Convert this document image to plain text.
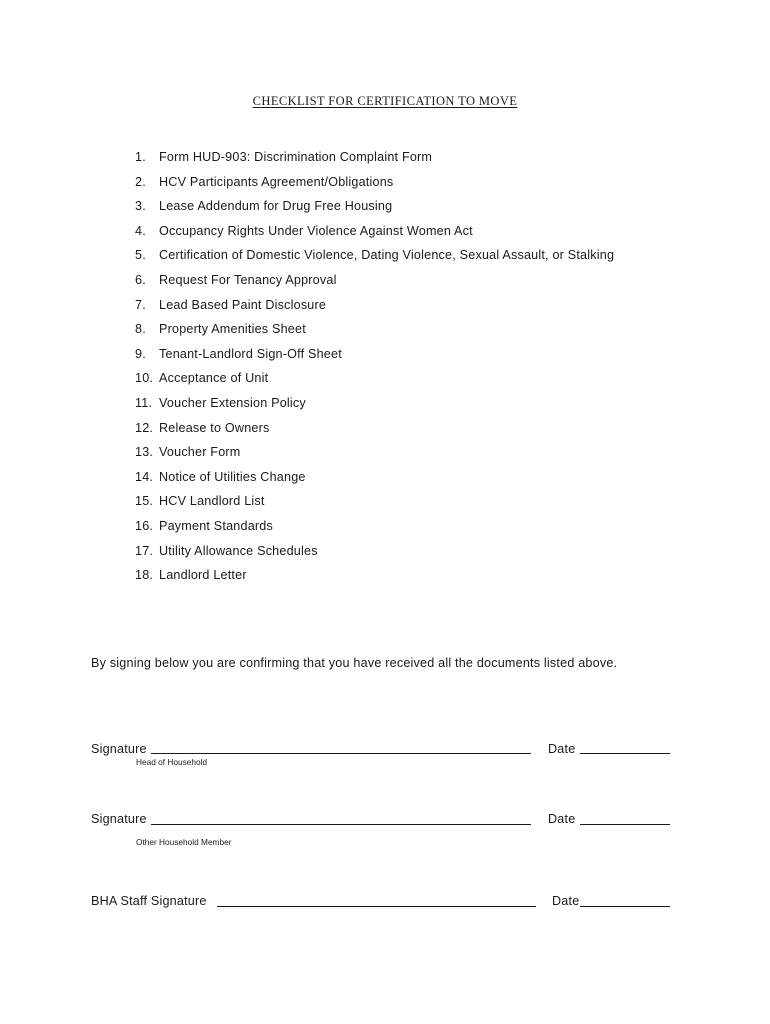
CHECKLIST FOR CERTIFICATION TO MOVE
1. Form HUD-903: Discrimination Complaint Form
2. HCV Participants Agreement/Obligations
3. Lease Addendum for Drug Free Housing
4. Occupancy Rights Under Violence Against Women Act
5. Certification of Domestic Violence, Dating Violence, Sexual Assault, or Stalking
6. Request For Tenancy Approval
7. Lead Based Paint Disclosure
8. Property Amenities Sheet
9. Tenant-Landlord Sign-Off Sheet
10. Acceptance of Unit
11. Voucher Extension Policy
12. Release to Owners
13. Voucher Form
14. Notice of Utilities Change
15. HCV Landlord List
16. Payment Standards
17. Utility Allowance Schedules
18. Landlord Letter
By signing below you are confirming that you have received all the documents listed above.
Signature	Date
Head of Household
Signature	Date
Other Household Member
BHA Staff Signature	Date
